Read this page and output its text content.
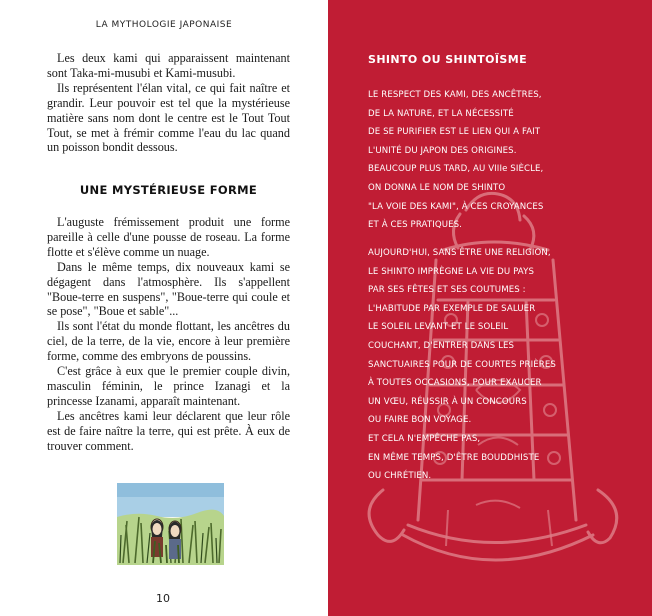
LA MYTHOLOGIE JAPONAISE

Les deux kami qui apparaissent maintenant sont Taka-mi-musubi et Kami-musubi.

Ils représentent l'élan vital, ce qui fait naître et grandir. Leur pouvoir est tel que la mystérieuse matière sans nom dont le centre est le Tout Tout Tout, se met à frémir comme l'eau du lac quand un poisson bondit dessous.

UNE MYSTÉRIEUSE FORME

L'auguste frémissement produit une forme pareille à celle d'une pousse de roseau. La forme flotte et s'élève comme un nuage.

Dans le même temps, dix nouveaux kami se dégagent dans l'atmosphère. Ils s'appellent "Boue-terre en suspens", "Boue-terre qui coule et se pose", "Boue et sable"...

Ils sont l'état du monde flottant, les ancêtres du ciel, de la terre, de la vie, encore à leur première forme, comme des embryons de poussins.

C'est grâce à eux que le premier couple divin, masculin féminin, le prince Izanagi et la princesse Izanami, apparaît maintenant.

Les ancêtres kami leur déclarent que leur rôle est de faire naître la terre, qui est prête. À eux de trouver comment.

10
SHINTO OU SHINTOÏSME
LE RESPECT DES KAMI, DES ANCÊTRES,
DE LA NATURE, ET LA NÉCESSITÉ
DE SE PURIFIER EST LE LIEN QUI A FAIT
L'UNITÉ DU JAPON DES ORIGINES.
BEAUCOUP PLUS TARD, AU VIIIe SIÈCLE,
ON DONNA LE NOM DE SHINTO
"LA VOIE DES KAMI", À CES CROYANCES
ET À CES PRATIQUES.
AUJOURD'HUI, SANS ÊTRE UNE RELIGION,
LE SHINTO IMPRÈGNE LA VIE DU PAYS
PAR SES FÊTES ET SES COUTUMES :
L'HABITUDE PAR EXEMPLE DE SALUER
LE SOLEIL LEVANT ET LE SOLEIL
COUCHANT, D'ENTRER DANS LES
SANCTUAIRES POUR DE COURTES PRIÈRES
À TOUTES OCCASIONS, POUR EXAUCER
UN VŒU, RÉUSSIR À UN CONCOURS
OU FAIRE BON VOYAGE.
ET CELA N'EMPÊCHE PAS,
EN MÊME TEMPS, D'ÊTRE BOUDDHISTE
OU CHRÉTIEN.
